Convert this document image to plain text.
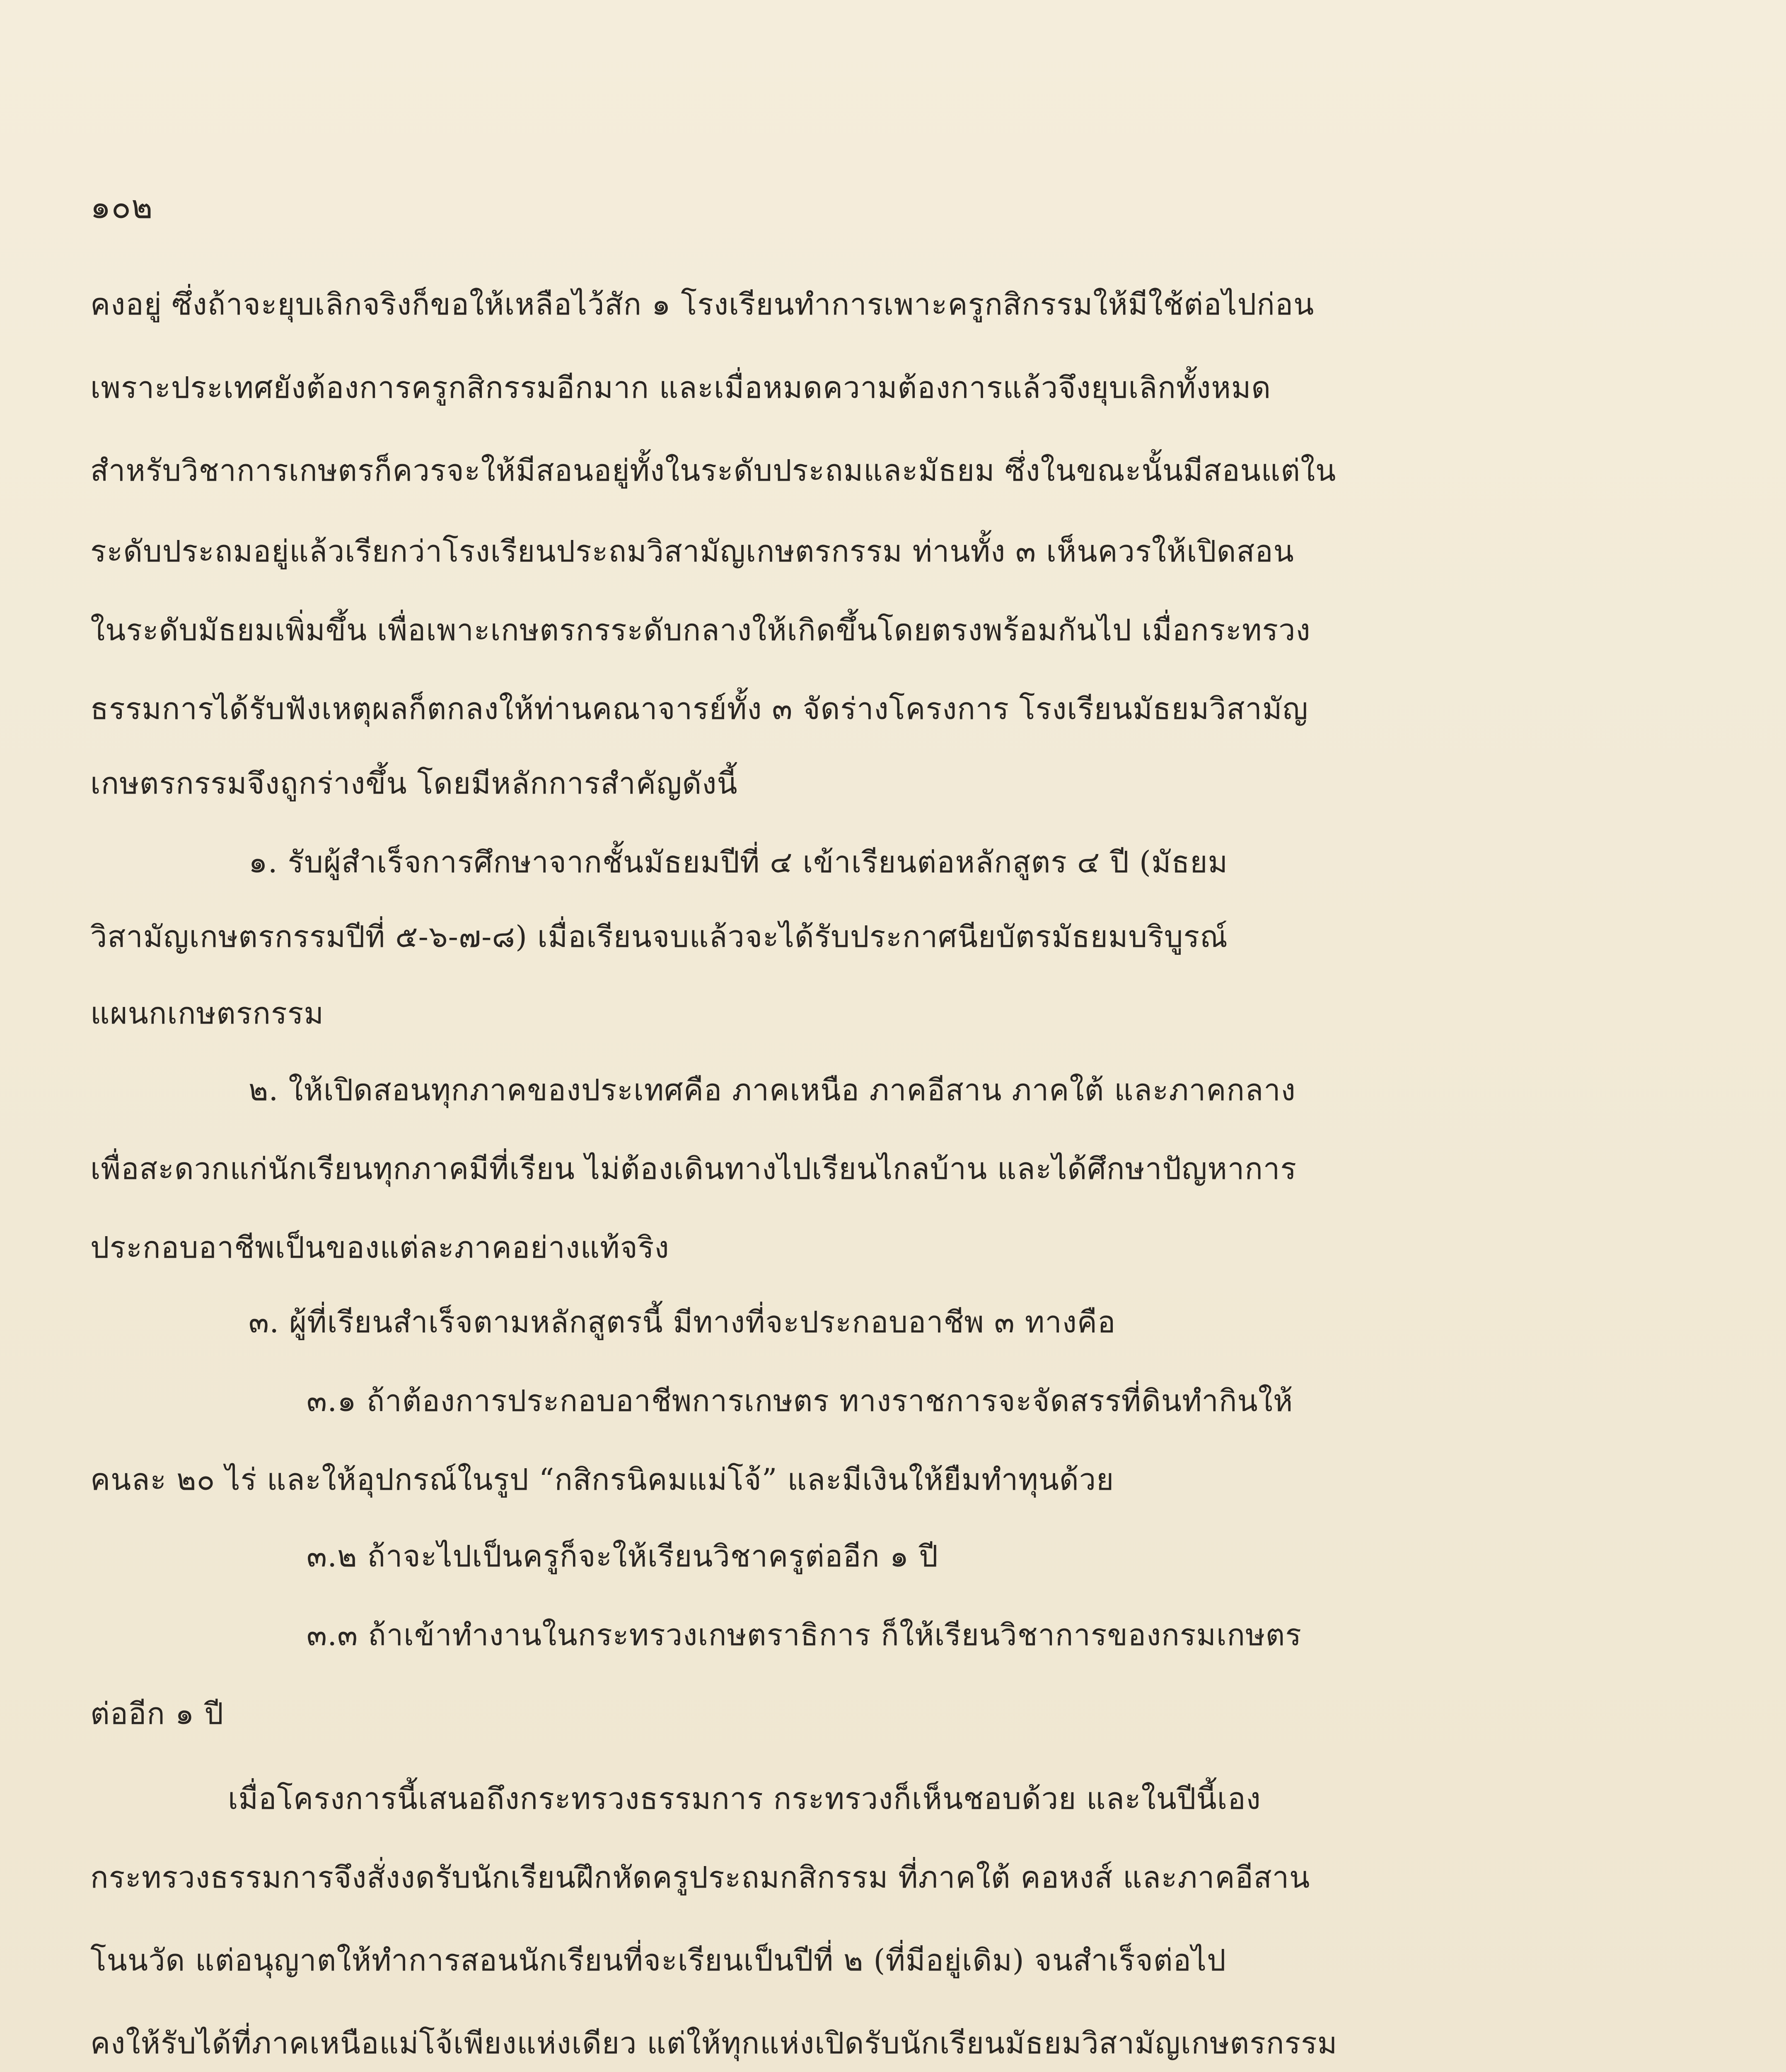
๑๐๒
คงอยู่ ซึ่งถ้าจะยุบเลิกจริงก็ขอให้เหลือไว้สัก ๑ โรงเรียนทำการเพาะครูกสิกรรมให้มีใช้ต่อไปก่อน
เพราะประเทศยังต้องการครูกสิกรรมอีกมาก และเมื่อหมดความต้องการแล้วจึงยุบเลิกทั้งหมด
สำหรับวิชาการเกษตรก็ควรจะให้มีสอนอยู่ทั้งในระดับประถมและมัธยม ซึ่งในขณะนั้นมีสอนแต่ใน
ระดับประถมอยู่แล้วเรียกว่าโรงเรียนประถมวิสามัญเกษตรกรรม ท่านทั้ง ๓ เห็นควรให้เปิดสอน
ในระดับมัธยมเพิ่มขึ้น เพื่อเพาะเกษตรกรระดับกลางให้เกิดขึ้นโดยตรงพร้อมกันไป เมื่อกระทรวง
ธรรมการได้รับฟังเหตุผลก็ตกลงให้ท่านคณาจารย์ทั้ง ๓ จัดร่างโครงการ โรงเรียนมัธยมวิสามัญ
เกษตรกรรมจึงถูกร่างขึ้น โดยมีหลักการสำคัญดังนี้
๑. รับผู้สำเร็จการศึกษาจากชั้นมัธยมปีที่ ๔ เข้าเรียนต่อหลักสูตร ๔ ปี (มัธยม
วิสามัญเกษตรกรรมปีที่ ๕-๖-๗-๘) เมื่อเรียนจบแล้วจะได้รับประกาศนียบัตรมัธยมบริบูรณ์
แผนกเกษตรกรรม
๒. ให้เปิดสอนทุกภาคของประเทศคือ ภาคเหนือ ภาคอีสาน ภาคใต้ และภาคกลาง
เพื่อสะดวกแก่นักเรียนทุกภาคมีที่เรียน ไม่ต้องเดินทางไปเรียนไกลบ้าน และได้ศึกษาปัญหาการ
ประกอบอาชีพเป็นของแต่ละภาคอย่างแท้จริง
๓. ผู้ที่เรียนสำเร็จตามหลักสูตรนี้ มีทางที่จะประกอบอาชีพ ๓ ทางคือ
๓.๑ ถ้าต้องการประกอบอาชีพการเกษตร ทางราชการจะจัดสรรที่ดินทำกินให้
คนละ ๒๐ ไร่ และให้อุปกรณ์ในรูป “กสิกรนิคมแม่โจ้” และมีเงินให้ยืมทำทุนด้วย
๓.๒ ถ้าจะไปเป็นครูก็จะให้เรียนวิชาครูต่ออีก ๑ ปี
๓.๓ ถ้าเข้าทำงานในกระทรวงเกษตราธิการ ก็ให้เรียนวิชาการของกรมเกษตร
ต่ออีก ๑ ปี
เมื่อโครงการนี้เสนอถึงกระทรวงธรรมการ กระทรวงก็เห็นชอบด้วย และในปีนี้เอง
กระทรวงธรรมการจึงสั่งงดรับนักเรียนฝึกหัดครูประถมกสิกรรม ที่ภาคใต้ คอหงส์ และภาคอีสาน
โนนวัด แต่อนุญาตให้ทำการสอนนักเรียนที่จะเรียนเป็นปีที่ ๒ (ที่มีอยู่เดิม) จนสำเร็จต่อไป
คงให้รับได้ที่ภาคเหนือแม่โจ้เพียงแห่งเดียว แต่ให้ทุกแห่งเปิดรับนักเรียนมัธยมวิสามัญเกษตรกรรม
